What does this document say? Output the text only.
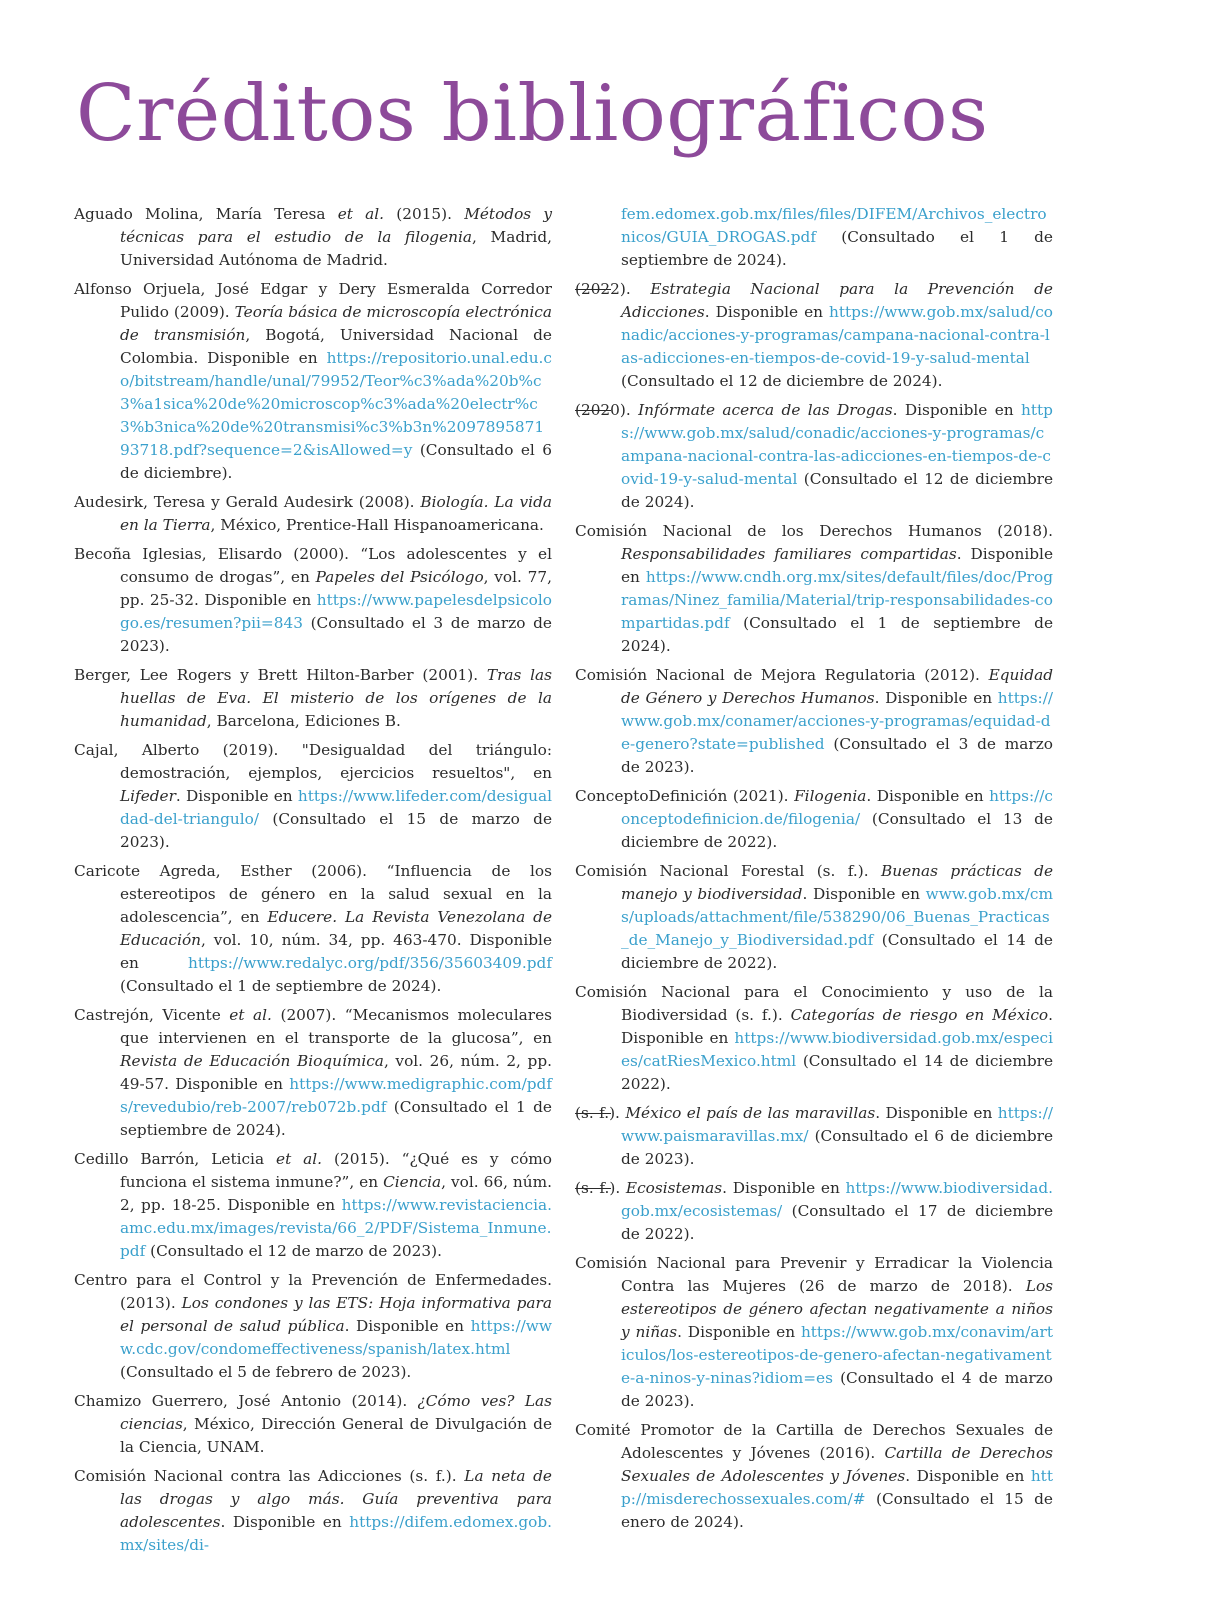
Créditos bibliográficos

Aguado Molina, María Teresa et al. (2015). Métodos y técnicas para el estudio de la filogenia, Madrid, Universidad Autónoma de Madrid.

Alfonso Orjuela, José Edgar y Dery Esmeralda Corredor Pulido (2009). Teoría básica de microscopía electrónica de transmisión, Bogotá, Universidad Nacional de Colombia. Disponible en https://repositorio.unal.edu.co/bitstream/handle/unal/79952/Teor%c3%ada%20b%c3%a1sica%20de%20microscop%c3%ada%20electr%c3%b3nica%20de%20transmisi%c3%b3n%209789587193718.pdf?sequence=2&isAllowed=y (Consultado el 6 de diciembre).

Audesirk, Teresa y Gerald Audesirk (2008). Biología. La vida en la Tierra, México, Prentice-Hall Hispanoamericana.

Becoña Iglesias, Elisardo (2000). “Los adolescentes y el consumo de drogas”, en Papeles del Psicólogo, vol. 77, pp. 25-32. Disponible en https://www.papelesdelpsicologo.es/resumen?pii=843 (Consultado el 3 de marzo de 2023).

Berger, Lee Rogers y Brett Hilton-Barber (2001). Tras las huellas de Eva. El misterio de los orígenes de la humanidad, Barcelona, Ediciones B.

Cajal, Alberto (2019). "Desigualdad del triángulo: demostración, ejemplos, ejercicios resueltos", en Lifeder. Disponible en https://www.lifeder.com/desigualdad-del-triangulo/ (Consultado el 15 de marzo de 2023).

Caricote Agreda, Esther (2006). “Influencia de los estereotipos de género en la salud sexual en la adolescencia”, en Educere. La Revista Venezolana de Educación, vol. 10, núm. 34, pp. 463-470. Disponible en https://www.redalyc.org/pdf/356/35603409.pdf (Consultado el 1 de septiembre de 2024).

Castrejón, Vicente et al. (2007). “Mecanismos moleculares que intervienen en el transporte de la glucosa”, en Revista de Educación Bioquímica, vol. 26, núm. 2, pp. 49-57. Disponible en https://www.medigraphic.com/pdfs/revedubio/reb-2007/reb072b.pdf (Consultado el 1 de septiembre de 2024).

Cedillo Barrón, Leticia et al. (2015). “¿Qué es y cómo funciona el sistema inmune?”, en Ciencia, vol. 66, núm. 2, pp. 18-25. Disponible en https://www.revistaciencia.amc.edu.mx/images/revista/66_2/PDF/Sistema_Inmune.pdf (Consultado el 12 de marzo de 2023).

Centro para el Control y la Prevención de Enfermedades. (2013). Los condones y las ETS: Hoja informativa para el personal de salud pública. Disponible en https://www.cdc.gov/condomeffectiveness/spanish/latex.html (Consultado el 5 de febrero de 2023).

Chamizo Guerrero, José Antonio (2014). ¿Cómo ves? Las ciencias, México, Dirección General de Divulgación de la Ciencia, UNAM.

Comisión Nacional contra las Adicciones (s. f.). La neta de las drogas y algo más. Guía preventiva para adolescentes. Disponible en https://difem.edomex.gob.mx/sites/di-

fem.edomex.gob.mx/files/files/DIFEM/Archivos_electronicos/GUIA_DROGAS.pdf (Consultado el 1 de septiembre de 2024).

(2022). Estrategia Nacional para la Prevención de Adicciones. Disponible en https://www.gob.mx/salud/conadic/acciones-y-programas/campana-nacional-contra-las-adicciones-en-tiempos-de-covid-19-y-salud-mental (Consultado el 12 de diciembre de 2024).

(2020). Infórmate acerca de las Drogas. Disponible en https://www.gob.mx/salud/conadic/acciones-y-programas/campana-nacional-contra-las-adicciones-en-tiempos-de-covid-19-y-salud-mental (Consultado el 12 de diciembre de 2024).

Comisión Nacional de los Derechos Humanos (2018). Responsabilidades familiares compartidas. Disponible en https://www.cndh.org.mx/sites/default/files/doc/Programas/Ninez_familia/Material/trip-responsabilidades-compartidas.pdf (Consultado el 1 de septiembre de 2024).

Comisión Nacional de Mejora Regulatoria (2012). Equidad de Género y Derechos Humanos. Disponible en https://www.gob.mx/conamer/acciones-y-programas/equidad-de-genero?state=published (Consultado el 3 de marzo de 2023).

ConceptoDefinición (2021). Filogenia. Disponible en https://conceptodefinicion.de/filogenia/ (Consultado el 13 de diciembre de 2022).

Comisión Nacional Forestal (s. f.). Buenas prácticas de manejo y biodiversidad. Disponible en www.gob.mx/cms/uploads/attachment/file/538290/06_Buenas_Practicas_de_Manejo_y_Biodiversidad.pdf (Consultado el 14 de diciembre de 2022).

Comisión Nacional para el Conocimiento y uso de la Biodiversidad (s. f.). Categorías de riesgo en México. Disponible en https://www.biodiversidad.gob.mx/especies/catRiesMexico.html (Consultado el 14 de diciembre 2022).

(s. f.). México el país de las maravillas. Disponible en https://www.paismaravillas.mx/ (Consultado el 6 de diciembre de 2023).

(s. f.). Ecosistemas. Disponible en https://www.biodiversidad.gob.mx/ecosistemas/ (Consultado el 17 de diciembre de 2022).

Comisión Nacional para Prevenir y Erradicar la Violencia Contra las Mujeres (26 de marzo de 2018). Los estereotipos de género afectan negativamente a niños y niñas. Disponible en https://www.gob.mx/conavim/articulos/los-estereotipos-de-genero-afectan-negativamente-a-ninos-y-ninas?idiom=es (Consultado el 4 de marzo de 2023).

Comité Promotor de la Cartilla de Derechos Sexuales de Adolescentes y Jóvenes (2016). Cartilla de Derechos Sexuales de Adolescentes y Jóvenes. Disponible en http://misderechossexuales.com/# (Consultado el 15 de enero de 2024).
